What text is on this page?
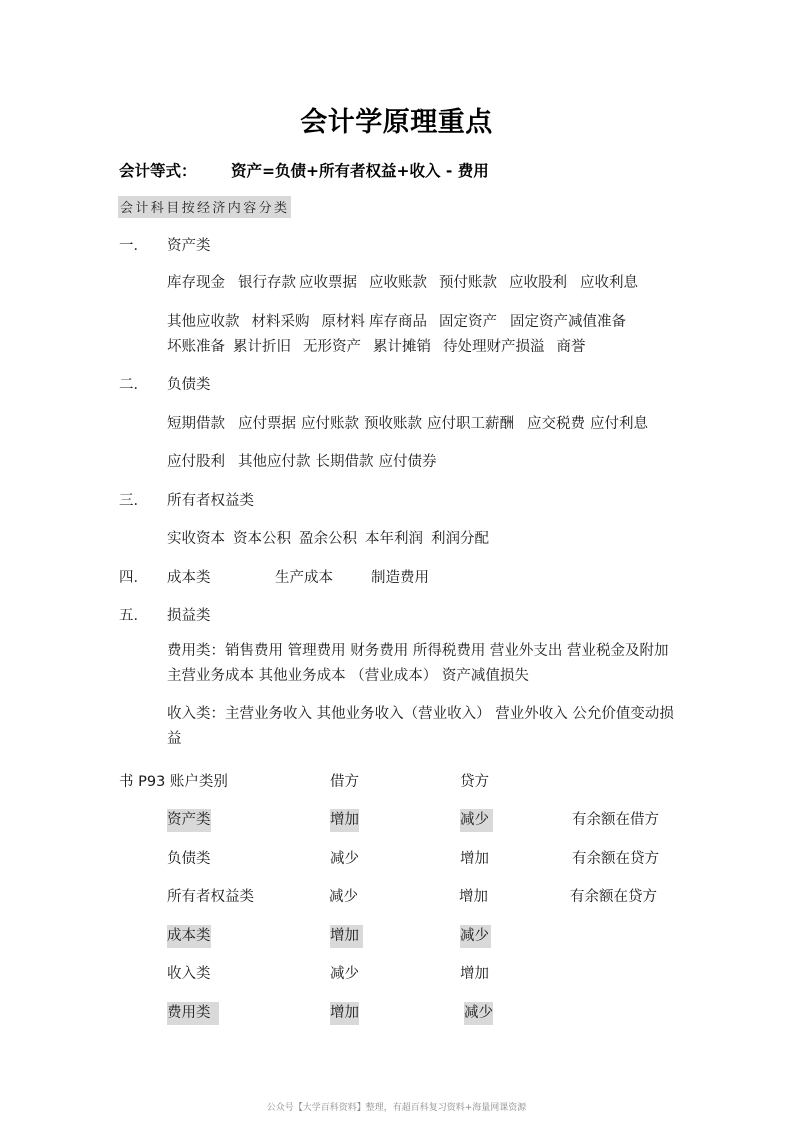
会计学原理重点
会计等式： 资产=负债+所有者权益+收入 - 费用
会计科目按经济内容分类
一． 资产类
库存现金 银行存款 应收票据 应收账款 预付账款 应收股利 应收利息
其他应收款 材料采购 原材料 库存商品 固定资产 固定资产减值准备
坏账准备 累计折旧 无形资产 累计摊销 待处理财产损溢 商誉
二． 负债类
短期借款 应付票据 应付账款 预收账款 应付职工薪酬 应交税费 应付利息
应付股利 其他应付款 长期借款 应付债券
三． 所有者权益类
实收资本 资本公积 盈余公积 本年利润 利润分配
四． 成本类	生产成本	制造费用
五． 损益类
费用类：销售费用 管理费用 财务费用 所得税费用 营业外支出 营业税金及附加 主营业务成本 其他业务成本 （营业成本） 资产减值损失
收入类：主营业务收入 其他业务收入（营业收入） 营业外收入 公允价值变动损益
书 P93 账户类别	借方	贷方
资产类	增加	减少	有余额在借方
负债类	减少	增加	有余额在贷方
所有者权益类	减少	增加	有余额在贷方
成本类	增加	减少
收入类	减少	增加
费用类	增加	减少
公众号【大学百科资料】整理，有超百科复习资料+海量网课资源
